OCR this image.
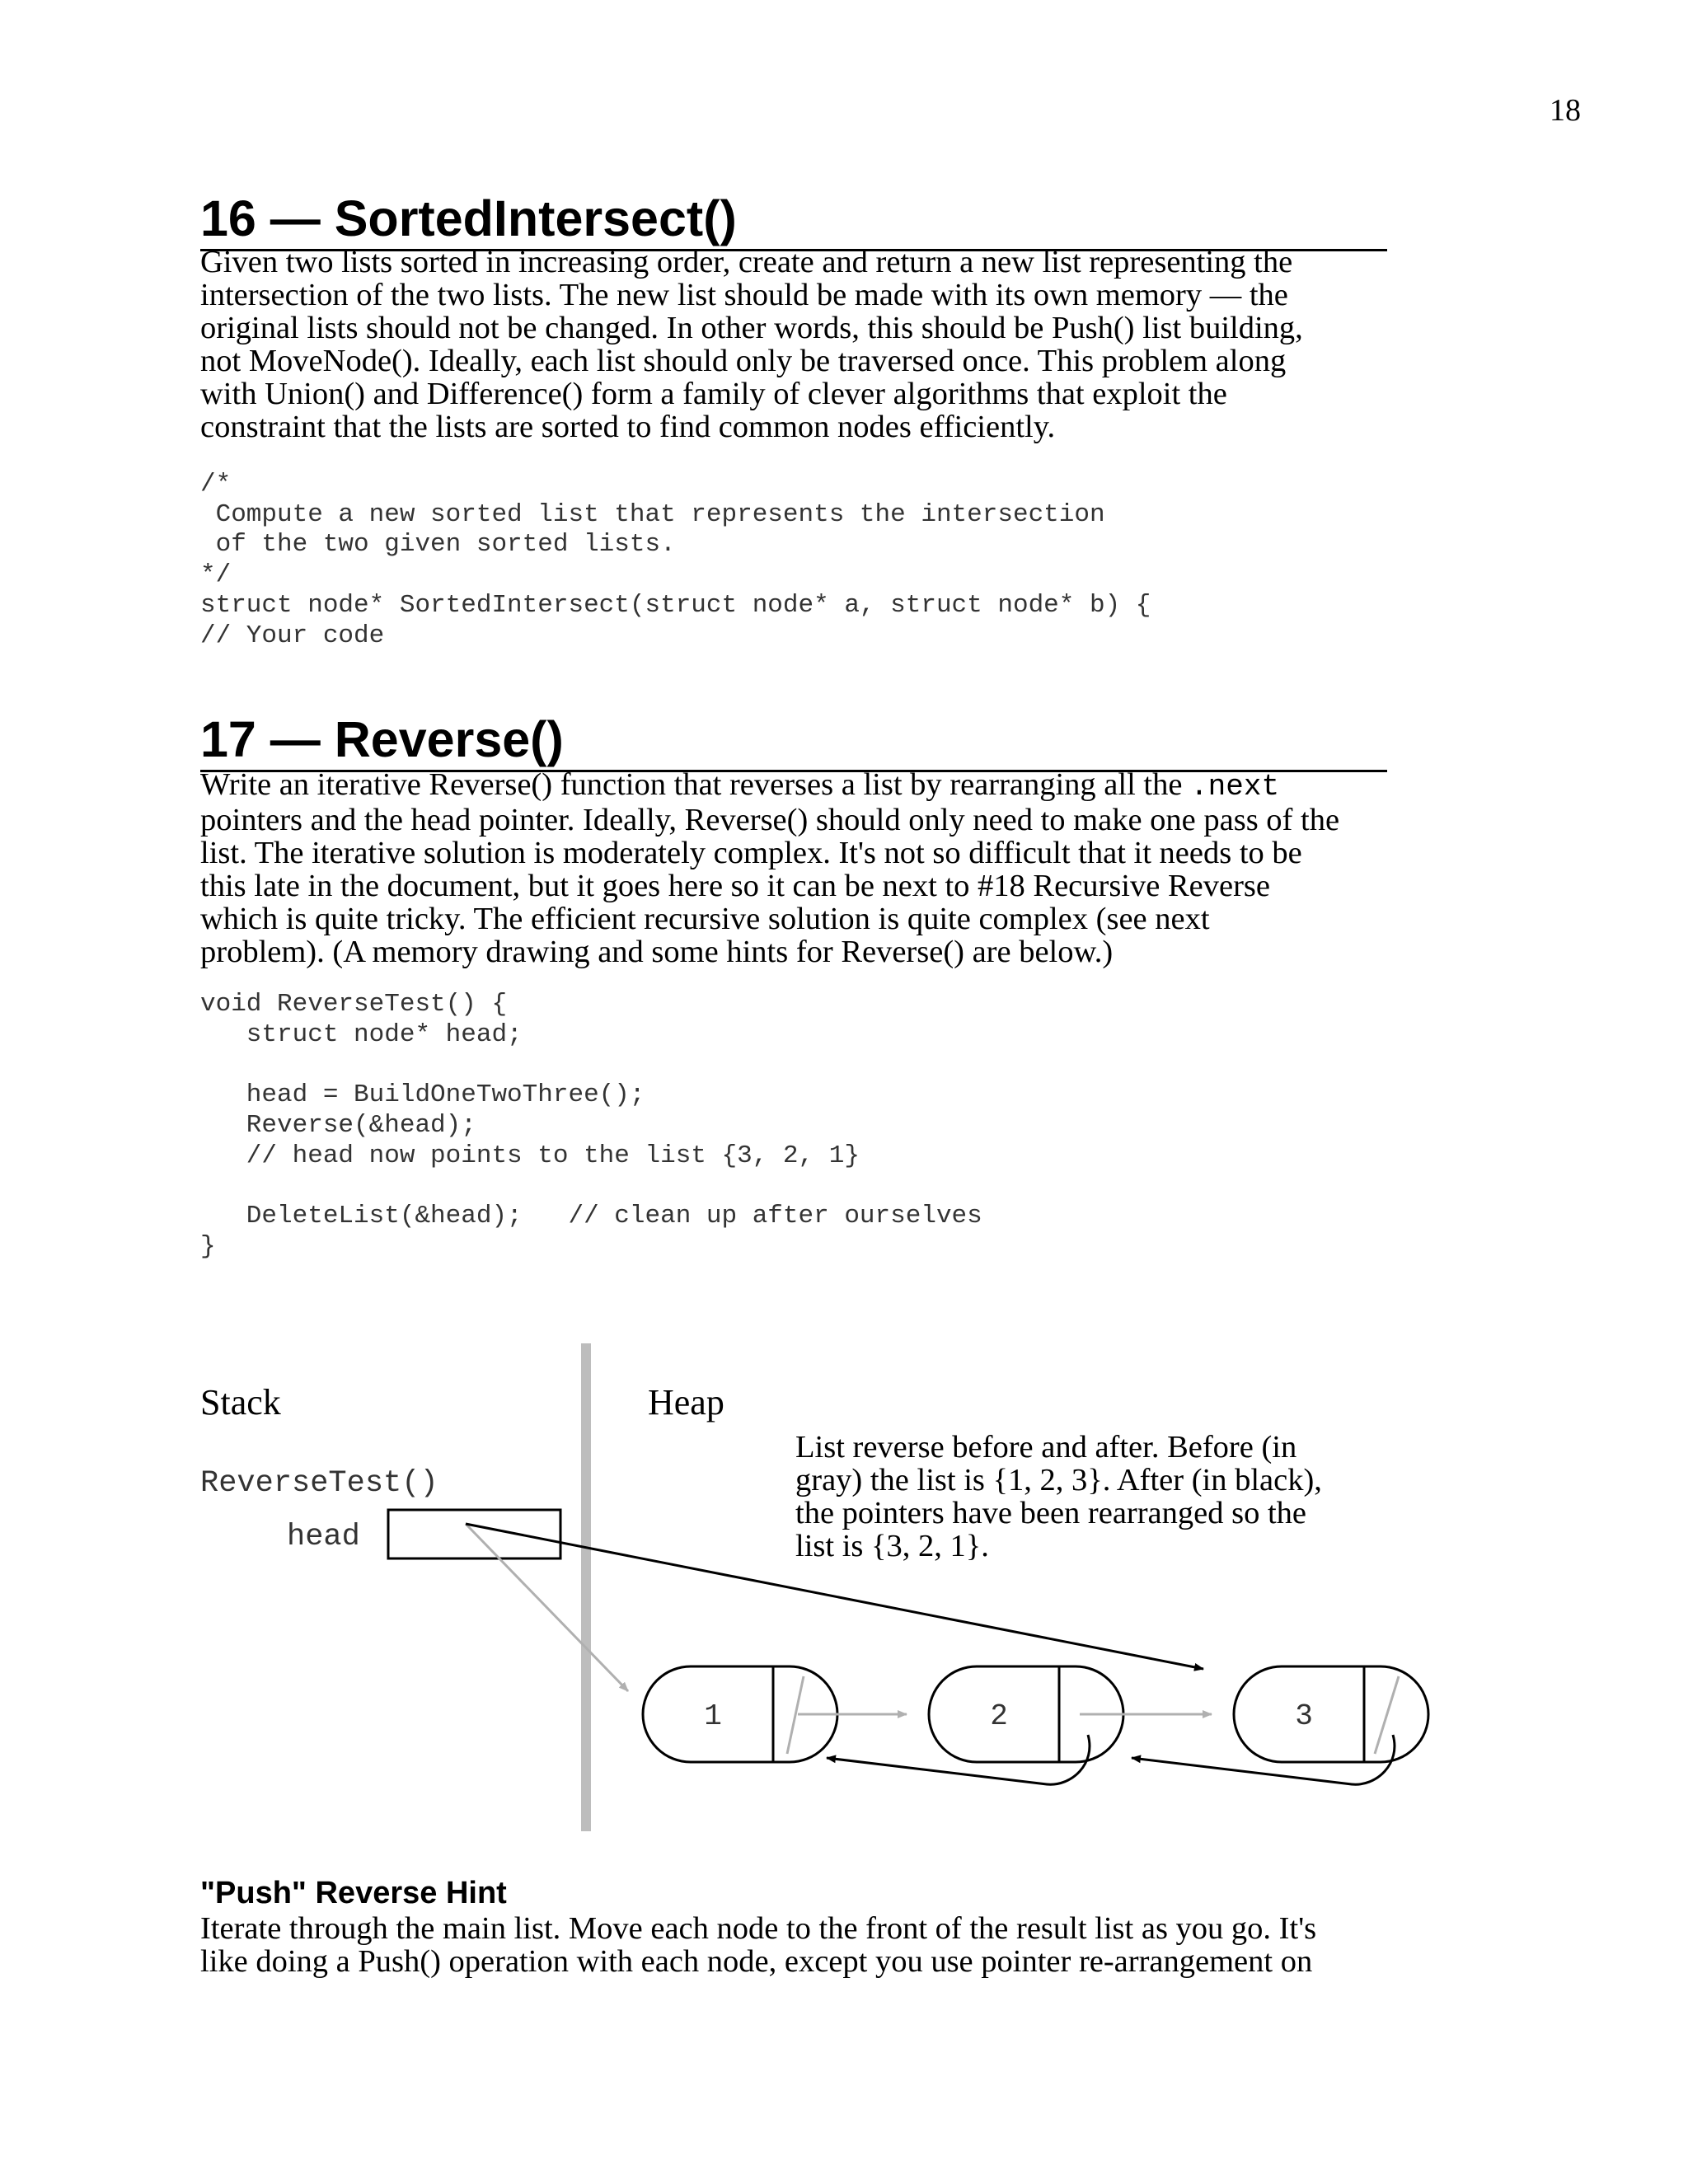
18
16 — SortedIntersect()
Given two lists sorted in increasing order, create and return a new list representing the
intersection of the two lists. The new list should be made with its own memory — the
original lists should not be changed. In other words, this should be Push() list building,
not MoveNode(). Ideally, each list should only be traversed once. This problem along
with Union() and Difference() form a family of clever algorithms that exploit the
constraint that the lists are sorted to find common nodes efficiently.
/*
Compute a new sorted list that represents the intersection
of the two given sorted lists.
*/
struct node* SortedIntersect(struct node* a, struct node* b) {
// Your code
17 — Reverse()
Write an iterative Reverse() function that reverses a list by rearranging all the .next
pointers and the head pointer. Ideally, Reverse() should only need to make one pass of the
list. The iterative solution is moderately complex. It's not so difficult that it needs to be
this late in the document, but it goes here so it can be next to #18 Recursive Reverse
which is quite tricky. The efficient recursive solution is quite complex (see next
problem). (A memory drawing and some hints for Reverse() are below.)
void ReverseTest() {
struct node* head;

head = BuildOneTwoThree();
Reverse(&head);
// head now points to the list {3, 2, 1}

DeleteList(&head);   // clean up after ourselves
}
Stack	Heap
ReverseTest()
head
List reverse before and after. Before (in gray) the list is {1, 2, 3}. After (in black), the pointers have been rearranged so the list is {3, 2, 1}.
1	2	3
"Push" Reverse Hint
Iterate through the main list. Move each node to the front of the result list as you go. It's
like doing a Push() operation with each node, except you use pointer re-arrangement on
